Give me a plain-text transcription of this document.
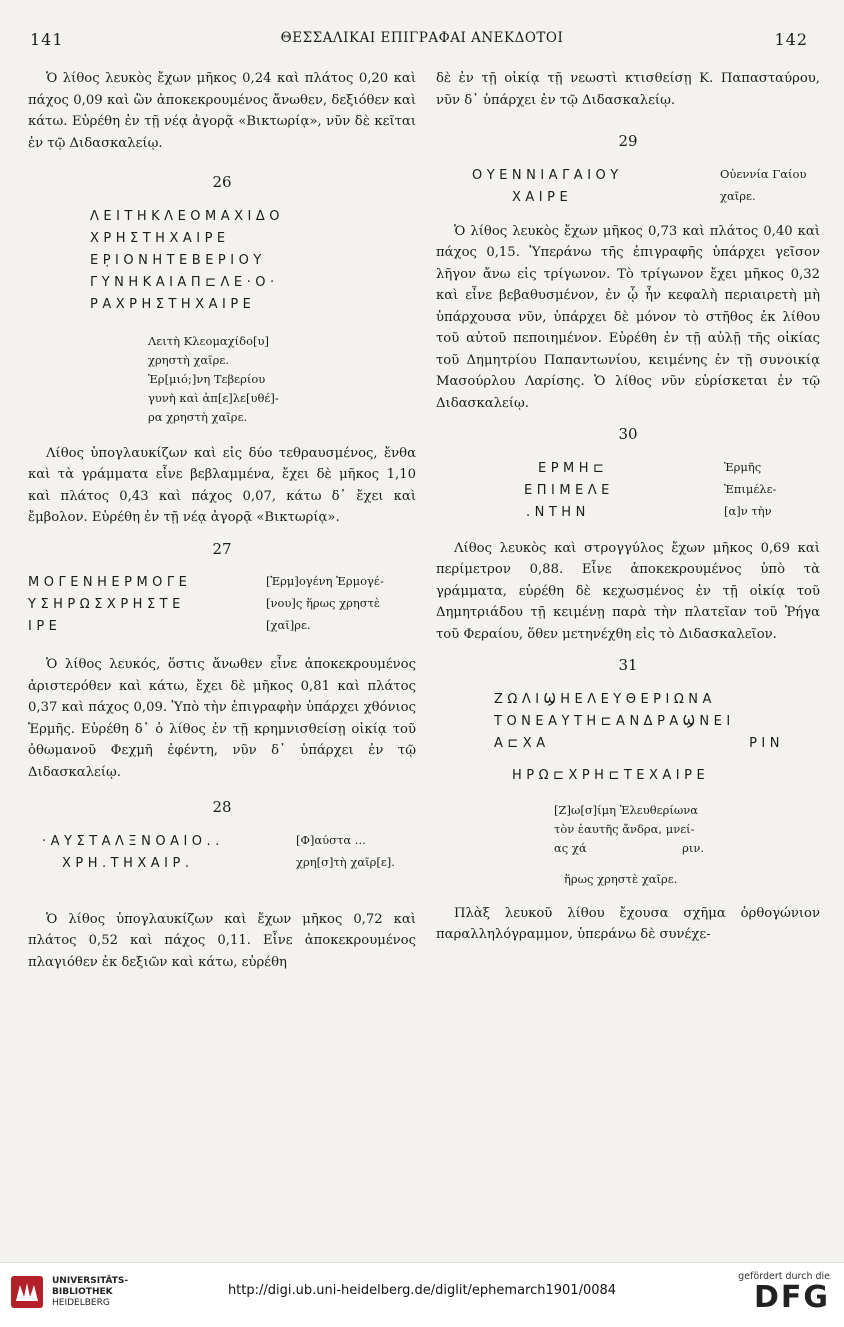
141	ΘΕΣΣΑΛΙΚΑΙ ΕΠΙΓΡΑΦΑΙ ΑΝΕΚΔΟΤΟΙ	142

Ὁ λίθος λευκὸς ἔχων μῆκος 0,24 καὶ πλάτος 0,20 καὶ πάχος 0,09 καὶ ὢν ἀποκεκρουμένος ἄνωθεν, δεξιόθεν καὶ κάτω. Εὑρέθη ἐν τῇ νέᾳ ἀγορᾷ «Βικτωρίᾳ», νῦν δὲ κεῖται ἐν τῷ Διδασκαλείῳ.

26
ΛΕΙΤΗΚΛΕΟΜΑΧΙΔΟ
ΧΡΗΣΤΗΧΑΙΡΕ
ΕΡ̣ΙΟΝΗΤΕΒΕΡΙΟΥ
ΓΥΝΗΚΑΙΑΠ⊏ΛΕ·Ο·
ΡΑΧΡΗΣΤΗΧΑΙΡΕ
Λειτὴ Κλεομαχίδο[υ]
χρηστὴ χαῖρε.
Ἐρ[μιό;]νη Τεβερίου
γυνὴ καὶ ἀπ[ε]λε[υθέ]-
ρα χρηστὴ χαῖρε.

Λίθος ὑπογλαυκίζων καὶ εἰς δύο τεθραυσμένος, ἔνθα καὶ τὰ γράμματα εἶνε βεβλαμμένα, ἔχει δὲ μῆκος 1,10 καὶ πλάτος 0,43 καὶ πάχος 0,07, κάτω δ᾽ ἔχει καὶ ἔμβολον. Εὑρέθη ἐν τῇ νέᾳ ἀγορᾷ «Βικτωρίᾳ».

27
ΜΟΓΕΝΗΕΡΜΟΓΕ	[Ἑρμ]ογένη Ἑρμογέ-
ΥΣΗΡΩΣΧΡΗΣΤΕ	[νου]ς ἥρως χρηστὲ
ΙΡΕ	[χαῖ]ρε.

Ὁ λίθος λευκός, ὅστις ἄνωθεν εἶνε ἀποκεκρουμένος ἀριστερόθεν καὶ κάτω, ἔχει δὲ μῆκος 0,81 καὶ πλάτος 0,37 καὶ πάχος 0,09. Ὑπὸ τὴν ἐπιγραφὴν ὑπάρχει χθόνιος Ἑρμῆς. Εὑρέθη δ᾽ ὁ λίθος ἐν τῇ κρημνισθείσῃ οἰκίᾳ τοῦ ὀθωμανοῦ Φεχμῆ ἐφέντη, νῦν δ᾽ ὑπάρχει ἐν τῷ Διδασκαλείῳ.

28
·ΑΥΣΤΑΛΞΝΟΑΙΟ..	[Φ]αύστα ...
ΧΡΗ.ΤΗΧΑΙΡ.	χρη[σ]τὴ χαῖρ[ε].

Ὁ λίθος ὑπογλαυκίζων καὶ ἔχων μῆκος 0,72 καὶ πλάτος 0,52 καὶ πάχος 0,11. Εἶνε ἀποκεκρουμένος πλαγιόθεν ἐκ δεξιῶν καὶ κάτω, εὑρέθη

δὲ ἐν τῇ οἰκίᾳ τῇ νεωστὶ κτισθείσῃ Κ. Παπασταύρου, νῦν δ᾽ ὑπάρχει ἐν τῷ Διδασκαλείῳ.

29
ΟΥΕΝΝΙΑΓΑΙΟΥ	Οὐεννία Γαίου
ΧΑΙΡΕ	χαῖρε.

Ὁ λίθος λευκὸς ἔχων μῆκος 0,73 καὶ πλάτος 0,40 καὶ πάχος 0,15. Ὑπεράνω τῆς ἐπιγραφῆς ὑπάρχει γεῖσον λῆγον ἄνω εἰς τρίγωνον. Τὸ τρίγωνον ἔχει μῆκος 0,32 καὶ εἶνε βεβαθυσμένον, ἐν ᾧ ἦν κεφαλὴ περιαιρετὴ μὴ ὑπάρχουσα νῦν, ὑπάρχει δὲ μόνον τὸ στῆθος ἐκ λίθου τοῦ αὐτοῦ πεποιημένον. Εὑρέθη ἐν τῇ αὐλῇ τῆς οἰκίας τοῦ Δημητρίου Παπαντωνίου, κειμένης ἐν τῇ συνοικίᾳ Μασούρλου Λαρίσης. Ὁ λίθος νῦν εὑρίσκεται ἐν τῷ Διδασκαλείῳ.

30
ΕΡΜΗ⊏	Ἑρμῆς
ΕΠΙΜΕΛΕ	Ἐπιμέλε-
.ΝΤΗΝ	[α]ν τὴν

Λίθος λευκὸς καὶ στρογγύλος ἔχων μῆκος 0,69 καὶ περίμετρον 0,88. Εἶνε ἀποκεκρουμένος ὑπὸ τὰ γράμματα, εὑρέθη δὲ κεχωσμένος ἐν τῇ οἰκίᾳ τοῦ Δημητριάδου τῇ κειμένῃ παρὰ τὴν πλατεῖαν τοῦ Ῥήγα τοῦ Φεραίου, ὅθεν μετηνέχθη εἰς τὸ Διδασκαλεῖον.

31
ZΩΛΙϢΗΕΛΕΥΘΕΡΙΩΝΑ
ΤΟΝΕΑΥΤΗ⊏ΑΝΔΡΑϢΝΕΙ
Α⊏ΧΑ	ΡΙΝ
ΗΡΩ⊏ΧΡΗ⊏ΤΕΧΑΙΡΕ
[Ζ]ω[σ]ίμη Ἐλευθερίωνα
τὸν ἑαυτῆς ἄνδρα, μνεί-
ας χά	ριν.
ἥρως χρηστὲ χαῖρε.

Πλὰξ λευκοῦ λίθου ἔχουσα σχῆμα ὀρθογώνιον παραλληλόγραμμον, ὑπεράνω δὲ συνέχε-

UNIVERSITÄTS-
BIBLIOTHEK
HEIDELBERG
http://digi.ub.uni-heidelberg.de/diglit/ephemarch1901/0084
gefördert durch die
DFG
